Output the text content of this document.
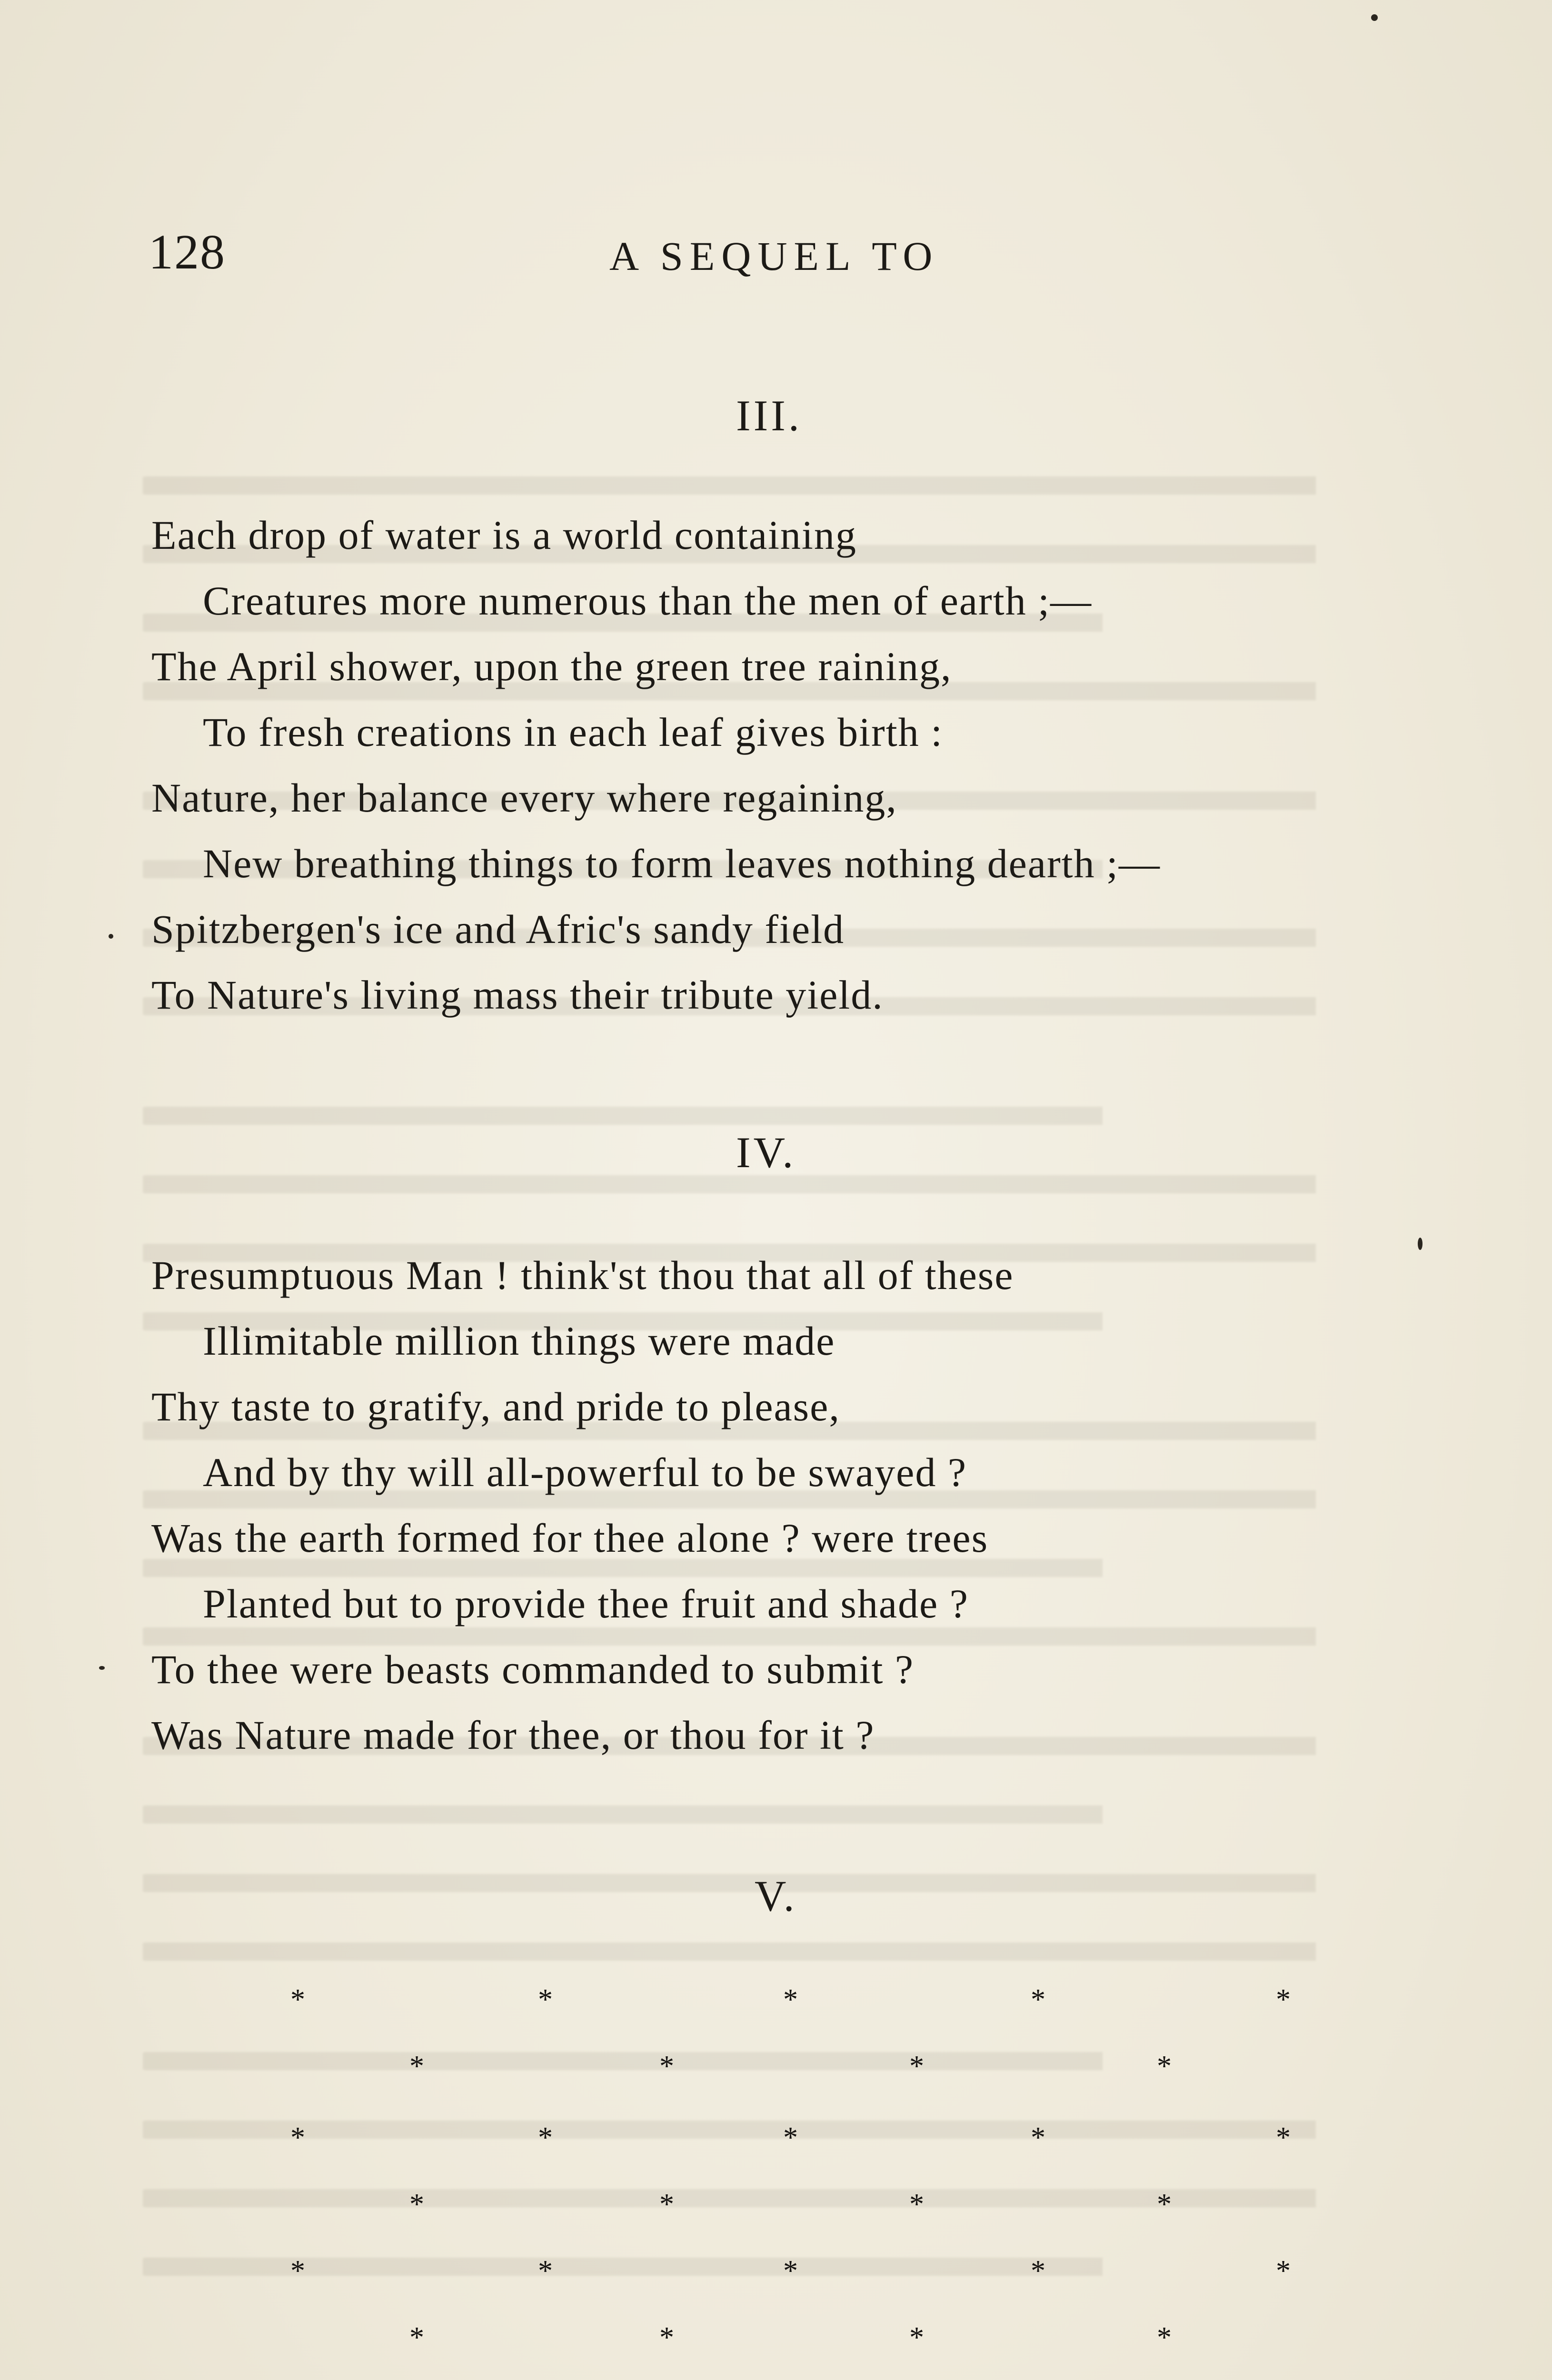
128	A SEQUEL TO
III.
Each drop of water is a world containing
Creatures more numerous than the men of earth ;—
The April shower, upon the green tree raining,
To fresh creations in each leaf gives birth :
Nature, her balance every where regaining,
New breathing things to form leaves nothing dearth ;—
Spitzbergen's ice and Afric's sandy field
To Nature's living mass their tribute yield.
IV.
Presumptuous Man ! think'st thou that all of these
Illimitable million things were made
Thy taste to gratify, and pride to please,
And by thy will all-powerful to be swayed ?
Was the earth formed for thee alone ? were trees
Planted but to provide thee fruit and shade ?
To thee were beasts commanded to submit ?
Was Nature made for thee, or thou for it ?
V.
*	*	*	*	*
*	*	*	*
*	*	*	*	*
*	*	*	*
*	*	*	*	*
*	*	*	*
